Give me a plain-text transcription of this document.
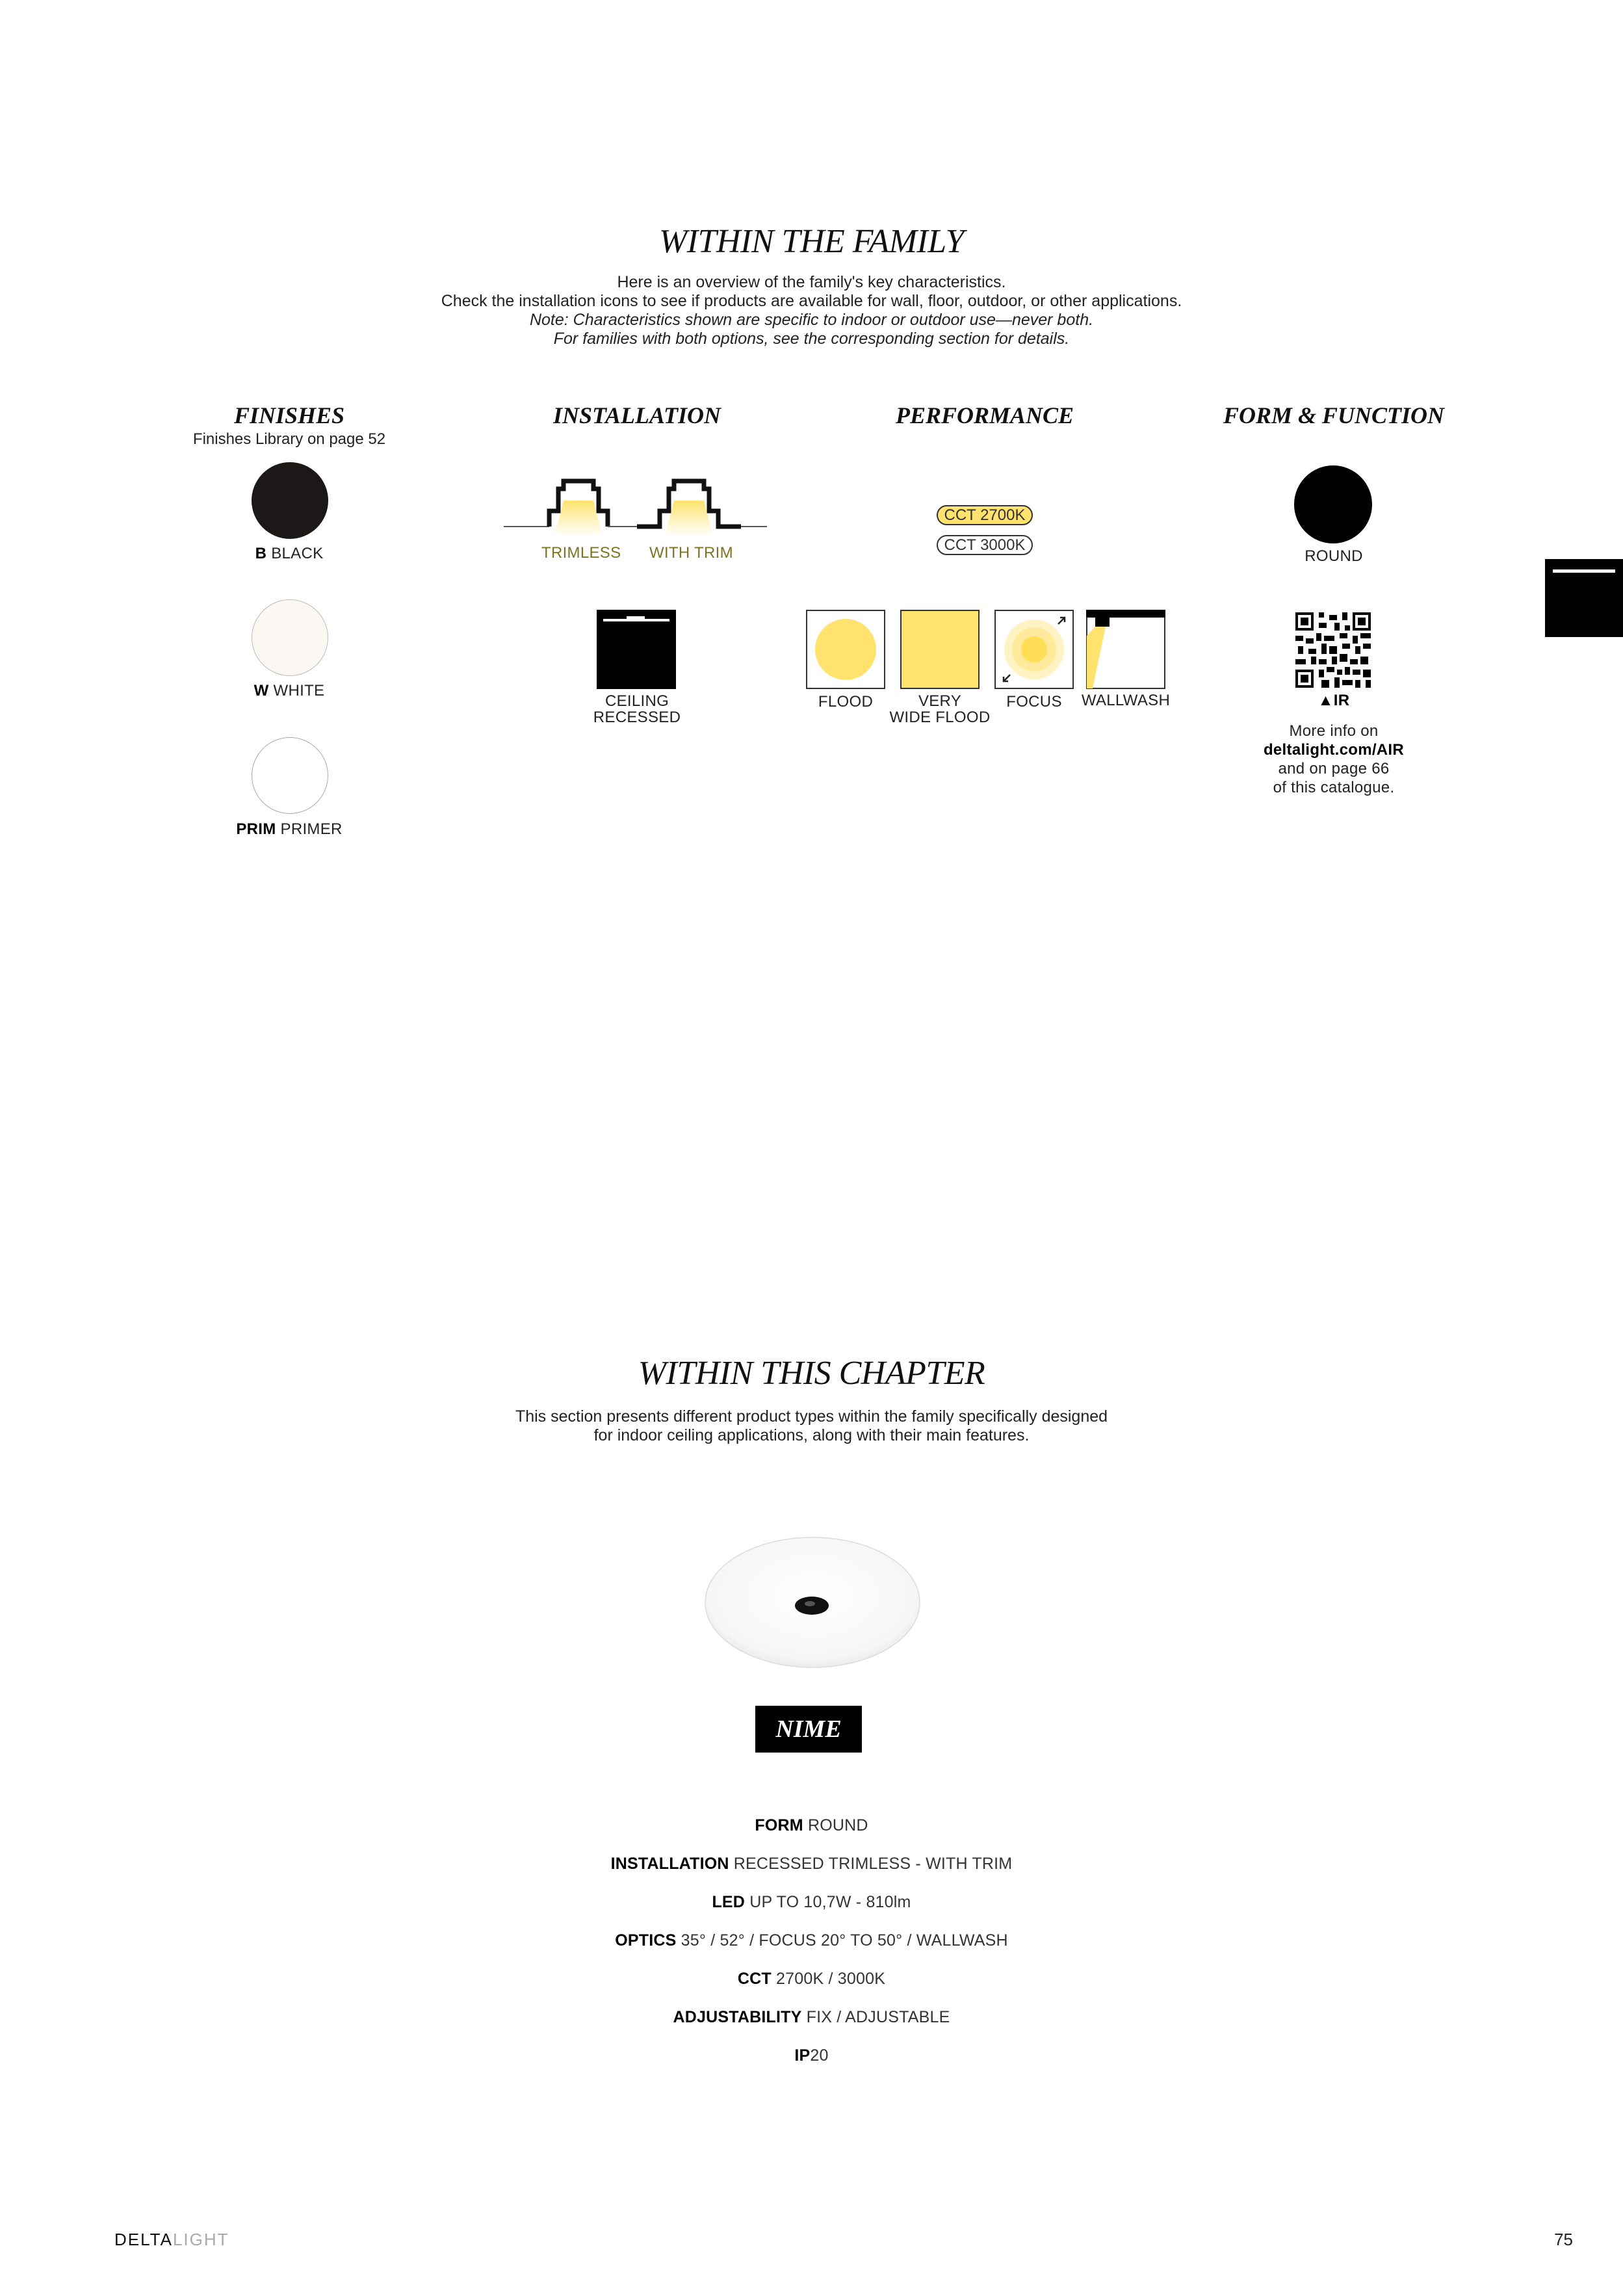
WITHIN THE FAMILY
Here is an overview of the family's key characteristics.
Check the installation icons to see if products are available for wall, floor, outdoor, or other applications.
Note: Characteristics shown are specific to indoor or outdoor use—never both.
For families with both options, see the corresponding section for details.
FINISHES
Finishes Library on page 52
INSTALLATION	PERFORMANCE	FORM & FUNCTION
B BLACK
W WHITE
PRIM PRIMER
TRIMLESS WITH TRIM
CEILING
RECESSED
CCT 2700K
CCT 3000K
FLOOD	VERY
WIDE FLOOD
FOCUS	WALLWASH
ROUND
▲IR
More info on
deltalight.com/AIR
and on page 66
of this catalogue.
WITHIN THIS CHAPTER
This section presents different product types within the family specifically designed
for indoor ceiling applications, along with their main features.
NIME
FORM ROUND
INSTALLATION RECESSED TRIMLESS - WITH TRIM
LED UP TO 10,7W - 810lm
OPTICS 35° / 52° / FOCUS 20° TO 50° / WALLWASH
CCT 2700K / 3000K
ADJUSTABILITY FIX / ADJUSTABLE
IP20
DELTALIGHT	75
